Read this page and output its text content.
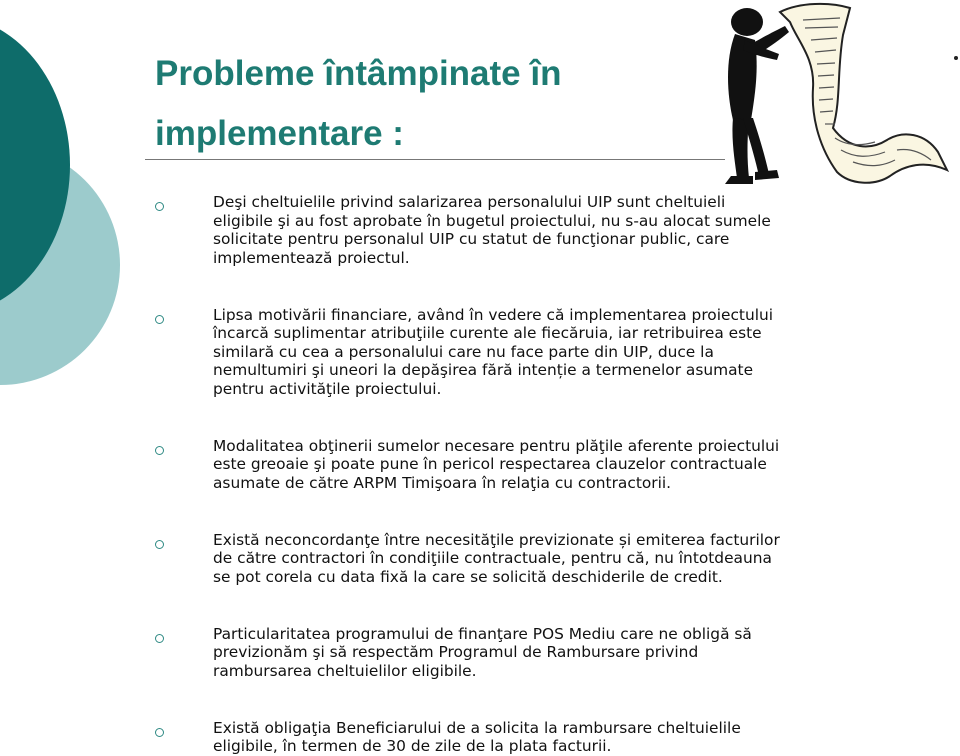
Probleme întâmpinate în
implementare :
Deşi cheltuielile privind salarizarea personalului UIP sunt cheltuieli
eligibile şi au fost aprobate în bugetul proiectului, nu s-au alocat sumele
solicitate pentru personalul UIP cu statut de funcţionar public, care
implementează proiectul.
Lipsa motivării financiare, având în vedere că implementarea proiectului
încarcă suplimentar atribuţiile curente ale fiecăruia, iar retribuirea este
similară cu cea a personalului care nu face parte din UIP, duce la
nemultumiri şi uneori la depăşirea fără intenție a termenelor asumate
pentru activităţile proiectului.
Modalitatea obţinerii sumelor necesare pentru plăţile aferente proiectului
este greoaie şi poate pune în pericol respectarea clauzelor contractuale
asumate de către ARPM Timişoara în relaţia cu contractorii.
Există neconcordanţe între necesităţile previzionate și emiterea facturilor
de către contractori în condiţiile contractuale, pentru că, nu întotdeauna
se pot corela cu data fixă la care se solicită deschiderile de credit.
Particularitatea programului de finanţare POS Mediu care ne obligă să
previzionăm şi să respectăm Programul de Rambursare privind
rambursarea cheltuielilor eligibile.
Există obligaţia Beneficiarului de a solicita la rambursare cheltuielile
eligibile, în termen de 30 de zile de la plata facturii.
